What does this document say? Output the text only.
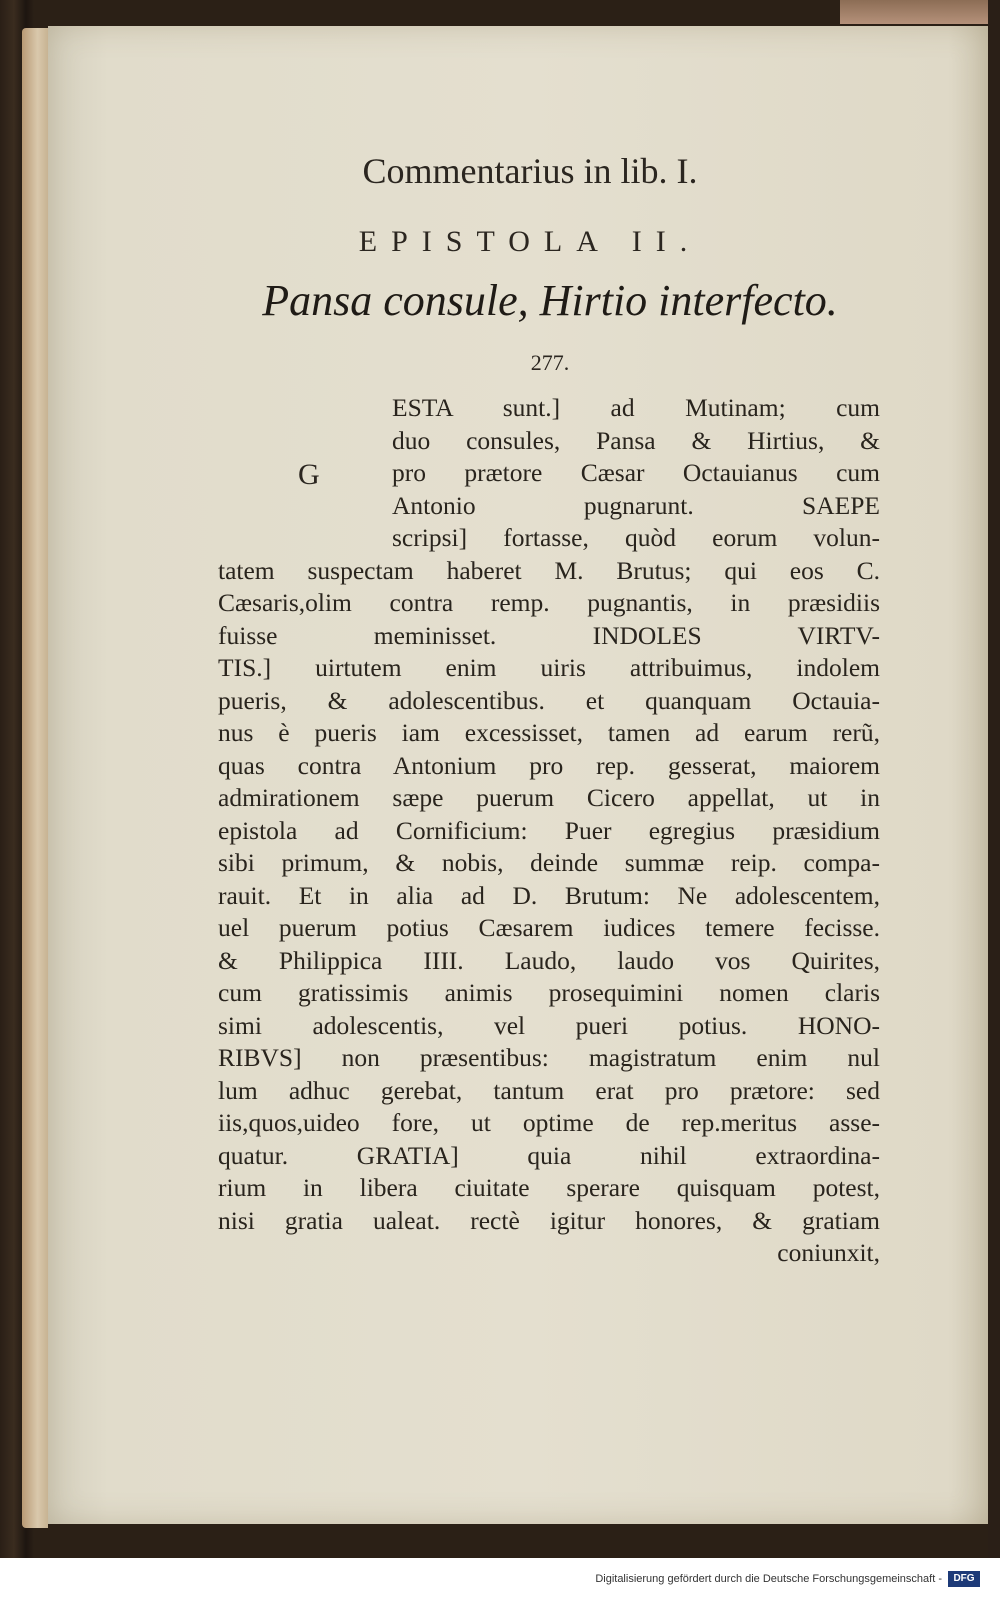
Commentarius in lib. I.
EPISTOLA II.
Pansa consule, Hirtio interfecto.
277.
G
ESTA sunt.] ad Mutinam; cum
duo consules, Pansa & Hirtius, &
pro prætore Cæsar Octauianus cum
Antonio pugnarunt. SAEPE
scripsi] fortasse, quòd eorum volun-
tatem suspectam haberet M. Brutus; qui eos C.
Cæsaris,olim contra remp. pugnantis, in præsidiis
fuisse meminisset. INDOLES VIRTV-
TIS.] uirtutem enim uiris attribuimus, indolem
pueris, & adolescentibus. et quanquam Octauia-
nus è pueris iam excessisset, tamen ad earum rerũ,
quas contra Antonium pro rep. gesserat, maiorem
admirationem sæpe puerum Cicero appellat, ut in
epistola ad Cornificium: Puer egregius præsidium
sibi primum, & nobis, deinde summæ reip. compa-
rauit. Et in alia ad D. Brutum: Ne adolescentem,
uel puerum potius Cæsarem iudices temere fecisse.
& Philippica IIII. Laudo, laudo vos Quirites,
cum gratissimis animis prosequimini nomen claris
simi adolescentis, vel pueri potius. HONO-
RIBVS] non præsentibus: magistratum enim nul
lum adhuc gerebat, tantum erat pro prætore: sed
iis,quos,uideo fore, ut optime de rep.meritus asse-
quatur. GRATIA] quia nihil extraordina-
rium in libera ciuitate sperare quisquam potest,
nisi gratia ualeat. rectè igitur honores, & gratiam
coniunxit,
Digitalisierung gefördert durch die Deutsche Forschungsgemeinschaft -	DFG
